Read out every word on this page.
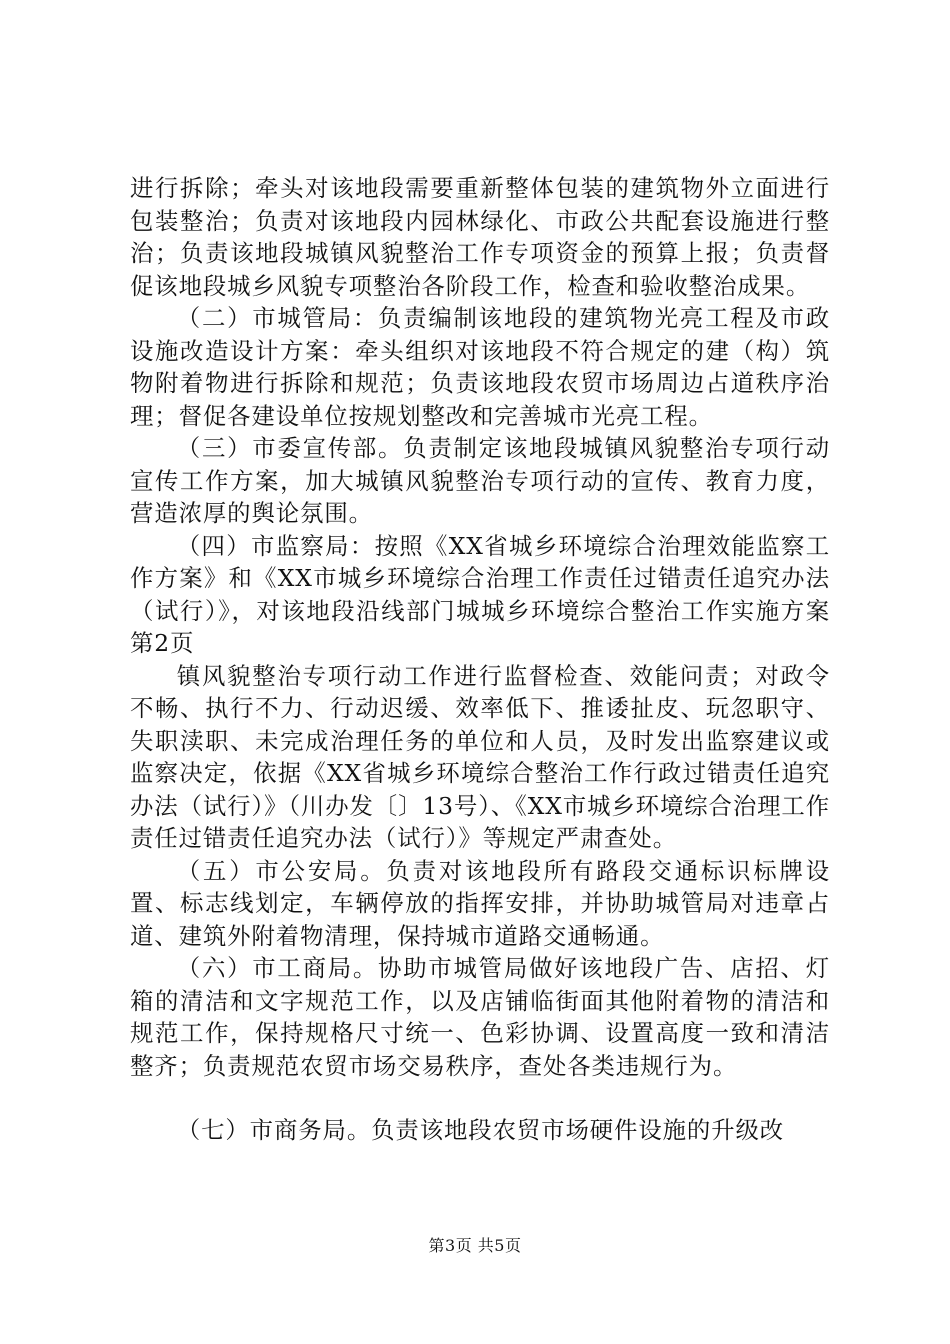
进行拆除；牵头对该地段需要重新整体包装的建筑物外立面进行包装整治；负责对该地段内园林绿化、市政公共配套设施进行整治；负责该地段城镇风貌整治工作专项资金的预算上报；负责督促该地段城乡风貌专项整治各阶段工作，检查和验收整治成果。

（二）市城管局：负责编制该地段的建筑物光亮工程及市政设施改造设计方案：牵头组织对该地段不符合规定的建（构）筑物附着物进行拆除和规范；负责该地段农贸市场周边占道秩序治理；督促各建设单位按规划整改和完善城市光亮工程。

（三）市委宣传部。负责制定该地段城镇风貌整治专项行动宣传工作方案，加大城镇风貌整治专项行动的宣传、教育力度，营造浓厚的舆论氛围。

（四）市监察局：按照《XX省城乡环境综合治理效能监察工作方案》和《XX市城乡环境综合治理工作责任过错责任追究办法（试行）》，对该地段沿线部门城城乡环境综合整治工作实施方案第2页

镇风貌整治专项行动工作进行监督检查、效能问责；对政令不畅、执行不力、行动迟缓、效率低下、推诿扯皮、玩忽职守、失职渎职、未完成治理任务的单位和人员，及时发出监察建议或监察决定，依据《XX省城乡环境综合整治工作行政过错责任追究办法（试行）》（川办发〔〕13号）、《XX市城乡环境综合治理工作责任过错责任追究办法（试行）》等规定严肃查处。

（五）市公安局。负责对该地段所有路段交通标识标牌设置、标志线划定，车辆停放的指挥安排，并协助城管局对违章占道、建筑外附着物清理，保持城市道路交通畅通。

（六）市工商局。协助市城管局做好该地段广告、店招、灯箱的清洁和文字规范工作，以及店铺临街面其他附着物的清洁和规范工作，保持规格尺寸统一、色彩协调、设置高度一致和清洁整齐；负责规范农贸市场交易秩序，查处各类违规行为。

（七）市商务局。负责该地段农贸市场硬件设施的升级改

第3页 共5页
